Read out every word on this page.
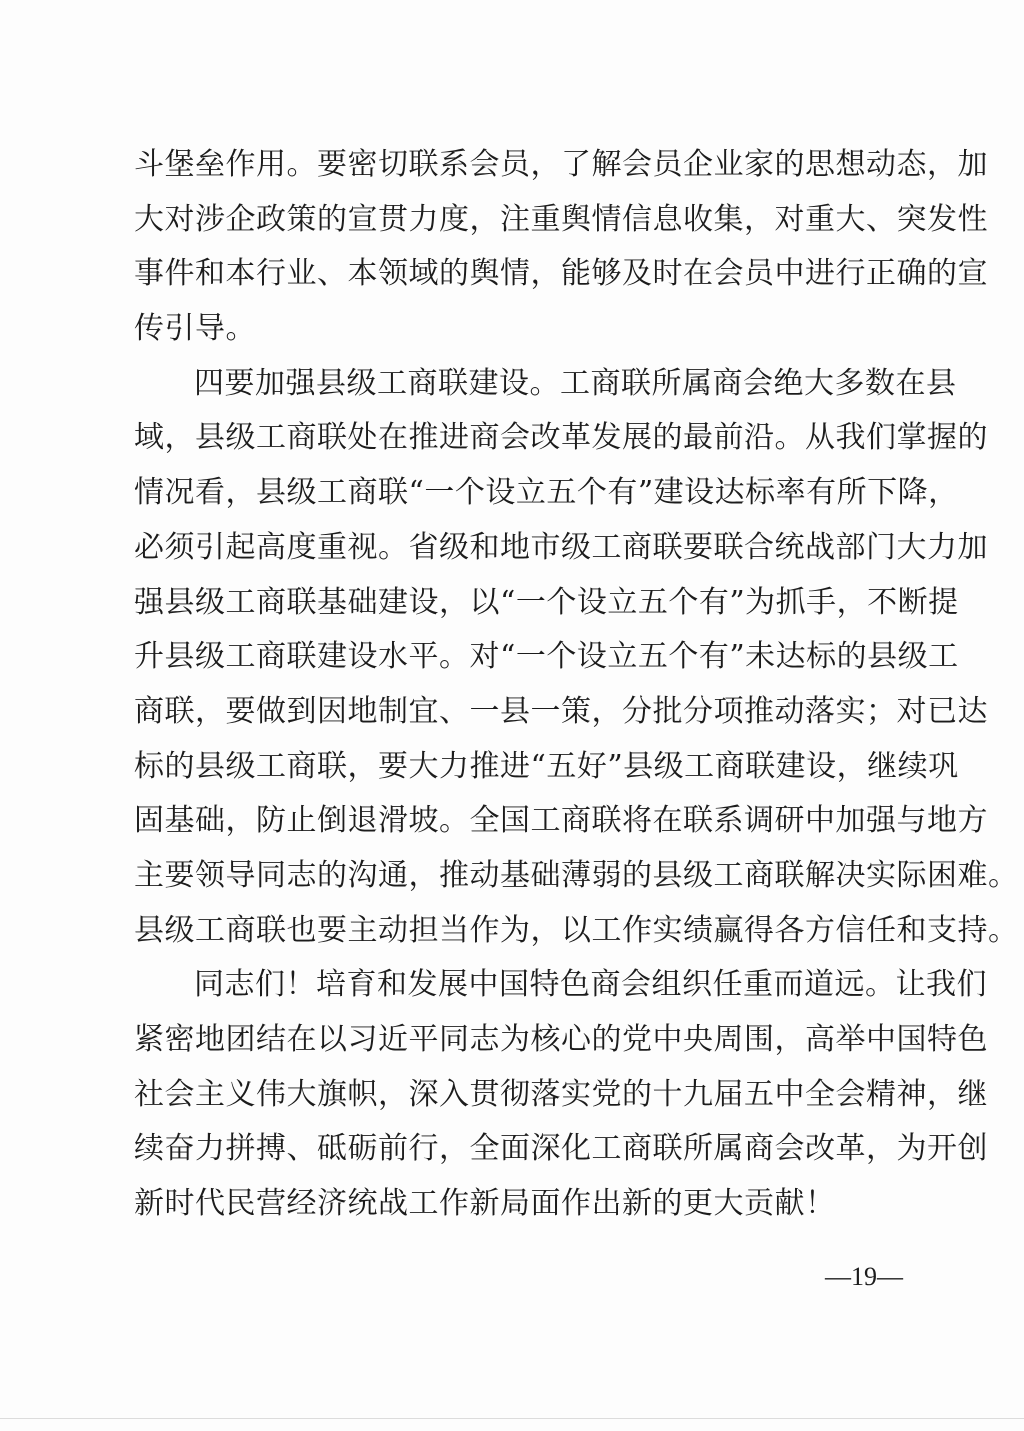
斗堡垒作用。要密切联系会员，了解会员企业家的思想动态，加
大对涉企政策的宣贯力度，注重舆情信息收集，对重大、突发性
事件和本行业、本领域的舆情，能够及时在会员中进行正确的宣
传引导。
四要加强县级工商联建设。工商联所属商会绝大多数在县
域，县级工商联处在推进商会改革发展的最前沿。从我们掌握的
情况看，县级工商联“一个设立五个有”建设达标率有所下降，
必须引起高度重视。省级和地市级工商联要联合统战部门大力加
强县级工商联基础建设，以“一个设立五个有”为抓手，不断提
升县级工商联建设水平。对“一个设立五个有”未达标的县级工
商联，要做到因地制宜、一县一策，分批分项推动落实；对已达
标的县级工商联，要大力推进“五好”县级工商联建设，继续巩
固基础，防止倒退滑坡。全国工商联将在联系调研中加强与地方
主要领导同志的沟通，推动基础薄弱的县级工商联解决实际困难。
县级工商联也要主动担当作为，以工作实绩赢得各方信任和支持。
同志们！培育和发展中国特色商会组织任重而道远。让我们
紧密地团结在以习近平同志为核心的党中央周围，高举中国特色
社会主义伟大旗帜，深入贯彻落实党的十九届五中全会精神，继
续奋力拼搏、砥砺前行，全面深化工商联所属商会改革，为开创
新时代民营经济统战工作新局面作出新的更大贡献！
—19—
